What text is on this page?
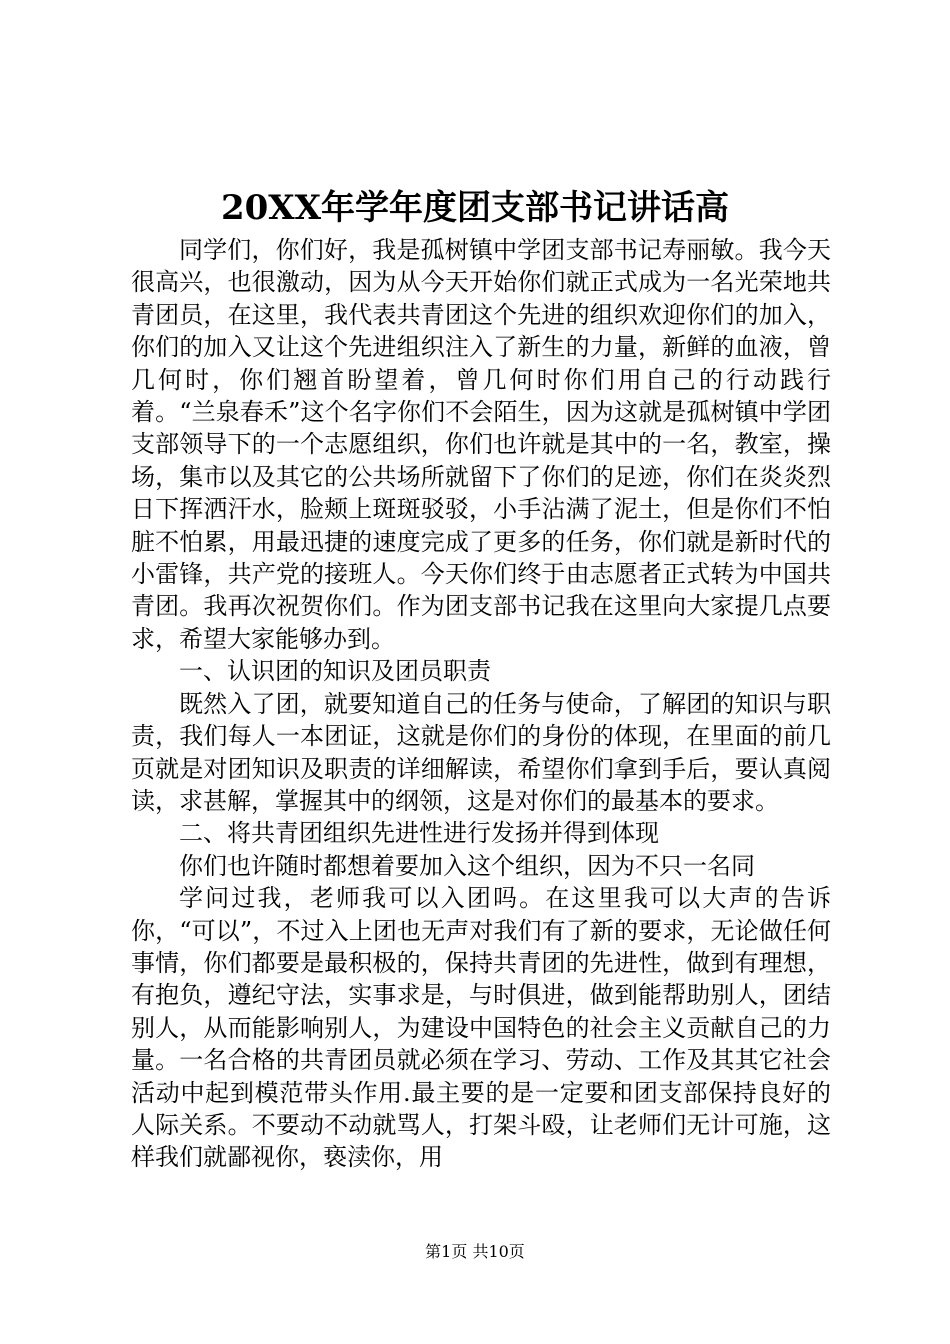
20XX年学年度团支部书记讲话高

同学们，你们好，我是孤树镇中学团支部书记寿丽敏。我今天很高兴，也很激动，因为从今天开始你们就正式成为一名光荣地共青团员，在这里，我代表共青团这个先进的组织欢迎你们的加入，你们的加入又让这个先进组织注入了新生的力量，新鲜的血液，曾几何时，你们翘首盼望着，曾几何时你们用自己的行动践行着。“兰泉春禾”这个名字你们不会陌生，因为这就是孤树镇中学团支部领导下的一个志愿组织，你们也许就是其中的一名，教室，操场，集市以及其它的公共场所就留下了你们的足迹，你们在炎炎烈日下挥洒汗水，脸颊上斑斑驳驳，小手沾满了泥土，但是你们不怕脏不怕累，用最迅捷的速度完成了更多的任务，你们就是新时代的小雷锋，共产党的接班人。今天你们终于由志愿者正式转为中国共青团。我再次祝贺你们。作为团支部书记我在这里向大家提几点要求，希望大家能够办到。

一、认识团的知识及团员职责

既然入了团，就要知道自己的任务与使命，了解团的知识与职责，我们每人一本团证，这就是你们的身份的体现，在里面的前几页就是对团知识及职责的详细解读，希望你们拿到手后，要认真阅读，求甚解，掌握其中的纲领，这是对你们的最基本的要求。

二、将共青团组织先进性进行发扬并得到体现

你们也许随时都想着要加入这个组织，因为不只一名同

学问过我，老师我可以入团吗。在这里我可以大声的告诉你，“可以”，不过入上团也无声对我们有了新的要求，无论做任何事情，你们都要是最积极的，保持共青团的先进性，做到有理想，有抱负，遵纪守法，实事求是，与时俱进，做到能帮助别人，团结别人，从而能影响别人，为建设中国特色的社会主义贡献自己的力量。一名合格的共青团员就必须在学习、劳动、工作及其其它社会活动中起到模范带头作用.最主要的是一定要和团支部保持良好的人际关系。不要动不动就骂人，打架斗殴，让老师们无计可施，这样我们就鄙视你，亵渎你，用

第1页 共10页
